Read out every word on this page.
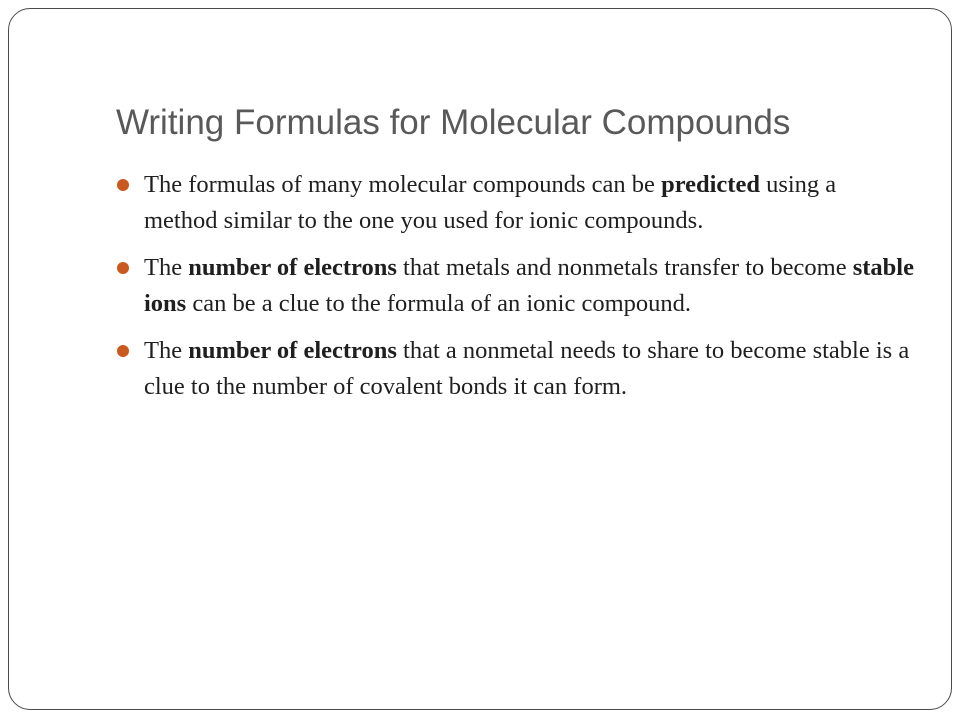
Writing Formulas for Molecular Compounds
The formulas of many molecular compounds can be predicted using a method similar to the one you used for ionic compounds.
The number of electrons that metals and nonmetals transfer to become stable ions can be a clue to the formula of an ionic compound.
The number of electrons that a nonmetal needs to share to become stable is a clue to the number of covalent bonds it can form.
